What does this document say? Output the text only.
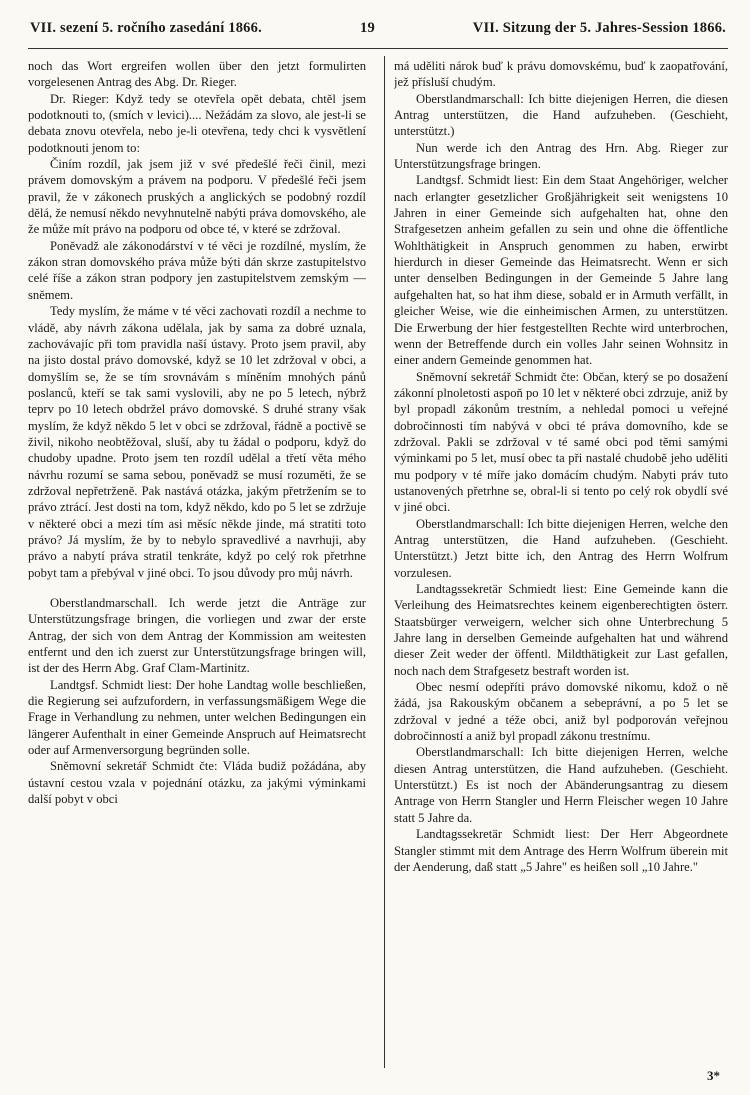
VII. sezení 5. ročního zasedání 1866.	19	VII. Sitzung der 5. Jahres-Session 1866.

noch das Wort ergreifen wollen über den jetzt formulirten vorgelesenen Antrag des Abg. Dr. Rieger.

Dr. Rieger: Když tedy se otevřela opět debata, chtěl jsem podotknouti to, (smích v levici).... Nežádám za slovo, ale jest-li se debata znovu otevřela, nebo je-li otevřena, tedy chci k vysvětlení podotknouti jenom to:

Činím rozdíl, jak jsem již v své předešlé řeči činil, mezi právem domovským a právem na podporu. V předešlé řeči jsem pravil, že v zákonech pruských a anglických se podobný rozdíl dělá, že nemusí někdo nevyhnutelně nabýti práva domovského, ale že může mít právo na podporu od obce té, v které se zdržoval.

Poněvadž ale zákonodárství v té věci je rozdílné, myslím, že zákon stran domovského práva může býti dán skrze zastupitelstvo celé říše a zákon stran podpory jen zastupitelstvem zemským — sněmem.

Tedy myslím, že máme v té věci zachovati rozdíl a nechme to vládě, aby návrh zákona udělala, jak by sama za dobré uznala, zachovávajíc při tom pravidla naší ústavy. Proto jsem pravil, aby na jisto dostal právo domovské, když se 10 let zdržoval v obci, a domyšlím se, že se tím srovnávám s míněním mnohých pánů poslanců, kteří se tak sami vyslovili, aby ne po 5 letech, nýbrž teprv po 10 letech obdržel právo domovské. S druhé strany však myslím, že když někdo 5 let v obci se zdržoval, řádně a poctivě se živil, nikoho neobtěžoval, sluší, aby tu žádal o podporu, když do chudoby upadne. Proto jsem ten rozdíl udělal a třetí věta mého návrhu rozumí se sama sebou, poněvadž se musí rozuměti, že se zdržoval nepřetrženě. Pak nastává otázka, jakým přetržením se to právo ztrácí. Jest dosti na tom, když někdo, kdo po 5 let se zdržuje v některé obci a mezi tím asi měsíc někde jinde, má stratiti toto právo? Já myslím, že by to nebylo spravedlivé a navrhuji, aby právo a nabytí práva stratil tenkráte, když po celý rok přetrhne pobyt tam a přebýval v jiné obci. To jsou důvody pro můj návrh.

Oberstlandmarschall. Ich werde jetzt die Anträge zur Unterstützungsfrage bringen, die vorliegen und zwar der erste Antrag, der sich von dem Antrag der Kommission am weitesten entfernt und den ich zuerst zur Unterstützungsfrage bringen will, ist der des Herrn Abg. Graf Clam-Martinitz.

Landtgsf. Schmidt liest: Der hohe Landtag wolle beschließen, die Regierung sei aufzufordern, in verfassungsmäßigem Wege die Frage in Verhandlung zu nehmen, unter welchen Bedingungen ein längerer Aufenthalt in einer Gemeinde Anspruch auf Heimatsrecht oder auf Armenversorgung begründen solle.

Sněmovní sekretář Schmidt čte: Vláda budiž požádána, aby ústavní cestou vzala v pojednání otázku, za jakými výminkami další pobyt v obci

má uděliti nárok buď k právu domovskému, buď k zaopatřování, jež přísluší chudým.

Oberstlandmarschall: Ich bitte diejenigen Herren, die diesen Antrag unterstützen, die Hand aufzuheben. (Geschieht, unterstützt.)

Nun werde ich den Antrag des Hrn. Abg. Rieger zur Unterstützungsfrage bringen.

Landtgsf. Schmidt liest: Ein dem Staat Angehöriger, welcher nach erlangter gesetzlicher Großjährigkeit seit wenigstens 10 Jahren in einer Gemeinde sich aufgehalten hat, ohne den Strafgesetzen anheim gefallen zu sein und ohne die öffentliche Wohlthätigkeit in Anspruch genommen zu haben, erwirbt hierdurch in dieser Gemeinde das Heimatsrecht. Wenn er sich unter denselben Bedingungen in der Gemeinde 5 Jahre lang aufgehalten hat, so hat ihm diese, sobald er in Armuth verfällt, in gleicher Weise, wie die einheimischen Armen, zu unterstützen. Die Erwerbung der hier festgestellten Rechte wird unterbrochen, wenn der Betreffende durch ein volles Jahr seinen Wohnsitz in einer andern Gemeinde genommen hat.

Sněmovní sekretář Schmidt čte: Občan, který se po dosažení zákonní plnoletosti aspoň po 10 let v některé obci zdrzuje, aniž by byl propadl zákonům trestním, a nehledal pomoci u veřejné dobročinnosti tím nabývá v obci té práva domovního, kde se zdržoval. Pakli se zdržoval v té samé obci pod těmi samými výminkami po 5 let, musí obec ta při nastalé chudobě jeho uděliti mu podpory v té míře jako domácím chudým. Nabyti práv tuto ustanovených přetrhne se, obral-li si tento po celý rok obydlí své v jiné obci.

Oberstlandmarschall: Ich bitte diejenigen Herren, welche den Antrag unterstützen, die Hand aufzuheben. (Geschieht. Unterstützt.) Jetzt bitte ich, den Antrag des Herrn Wolfrum vorzulesen.

Landtagssekretär Schmiedt liest: Eine Gemeinde kann die Verleihung des Heimatsrechtes keinem eigenberechtigten österr. Staatsbürger verweigern, welcher sich ohne Unterbrechung 5 Jahre lang in derselben Gemeinde aufgehalten hat und während dieser Zeit weder der öffentl. Mildthätigkeit zur Last gefallen, noch nach dem Strafgesetz bestraft worden ist.

Obec nesmí odepříti právo domovské nikomu, kdož o ně žádá, jsa Rakouským občanem a sebeprávní, a po 5 let se zdržoval v jedné a téže obci, aniž byl podporován veřejnou dobročinností a aniž byl propadl zákonu trestnímu.

Oberstlandmarschall: Ich bitte diejenigen Herren, welche diesen Antrag unterstützen, die Hand aufzuheben. (Geschieht. Unterstützt.) Es ist noch der Abänderungsantrag zu diesem Antrage von Herrn Stangler und Herrn Fleischer wegen 10 Jahre statt 5 Jahre da.

Landtagssekretär Schmidt liest: Der Herr Abgeordnete Stangler stimmt mit dem Antrage des Herrn Wolfrum überein mit der Aenderung, daß statt „5 Jahre" es heißen soll „10 Jahre."

3*
